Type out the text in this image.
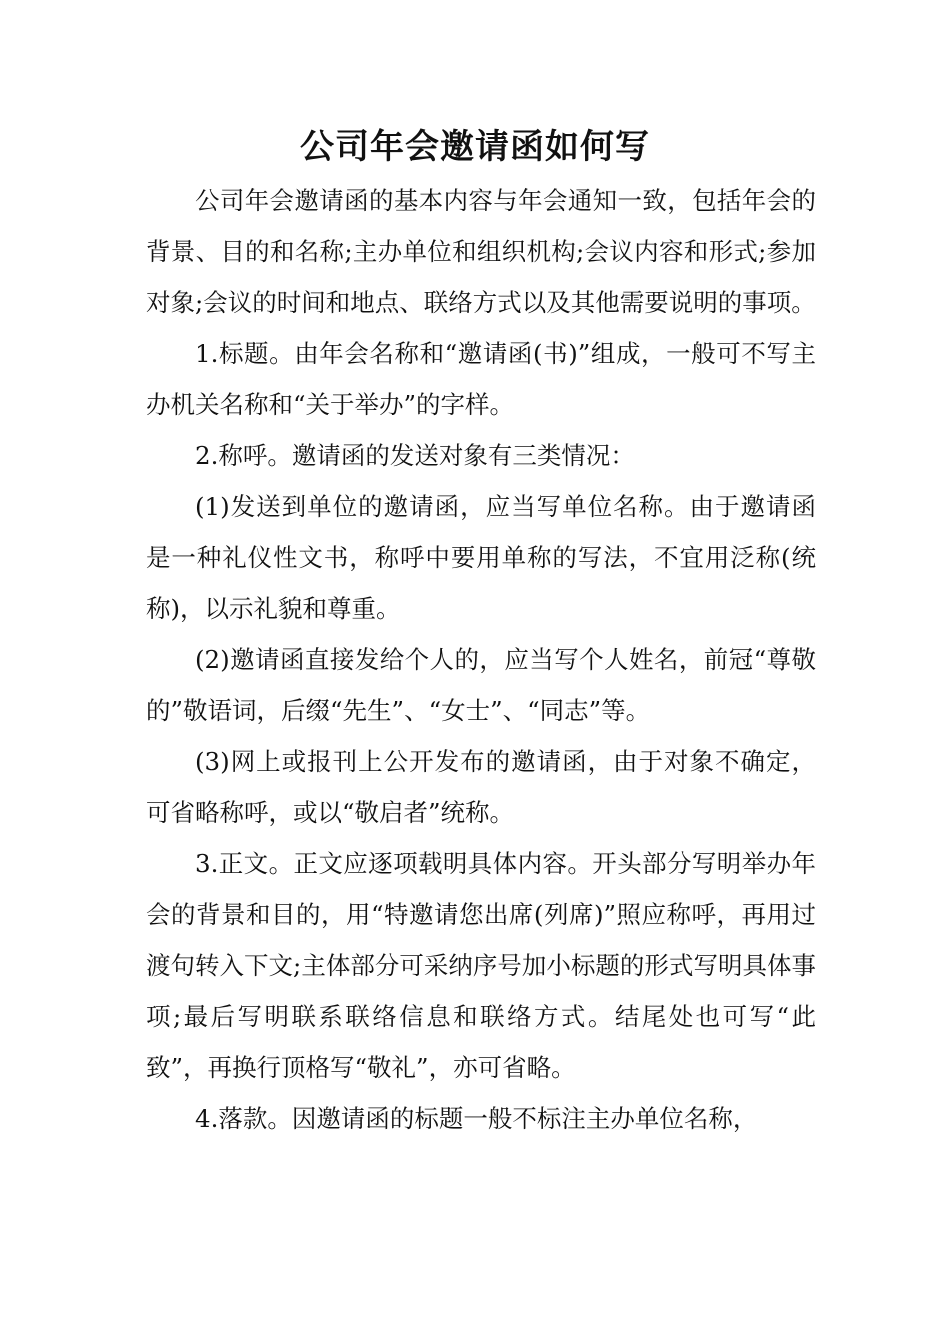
公司年会邀请函如何写

公司年会邀请函的基本内容与年会通知一致，包括年会的背景、目的和名称;主办单位和组织机构;会议内容和形式;参加对象;会议的时间和地点、联络方式以及其他需要说明的事项。

1.标题。由年会名称和“邀请函(书)”组成，一般可不写主办机关名称和“关于举办”的字样。

2.称呼。邀请函的发送对象有三类情况：

(1)发送到单位的邀请函，应当写单位名称。由于邀请函是一种礼仪性文书，称呼中要用单称的写法，不宜用泛称(统称)，以示礼貌和尊重。

(2)邀请函直接发给个人的，应当写个人姓名，前冠“尊敬的”敬语词，后缀“先生”、“女士”、“同志”等。

(3)网上或报刊上公开发布的邀请函，由于对象不确定，可省略称呼，或以“敬启者”统称。

3.正文。正文应逐项载明具体内容。开头部分写明举办年会的背景和目的，用“特邀请您出席(列席)”照应称呼，再用过渡句转入下文;主体部分可采纳序号加小标题的形式写明具体事项;最后写明联系联络信息和联络方式。结尾处也可写“此致”，再换行顶格写“敬礼”，亦可省略。

4.落款。因邀请函的标题一般不标注主办单位名称，
